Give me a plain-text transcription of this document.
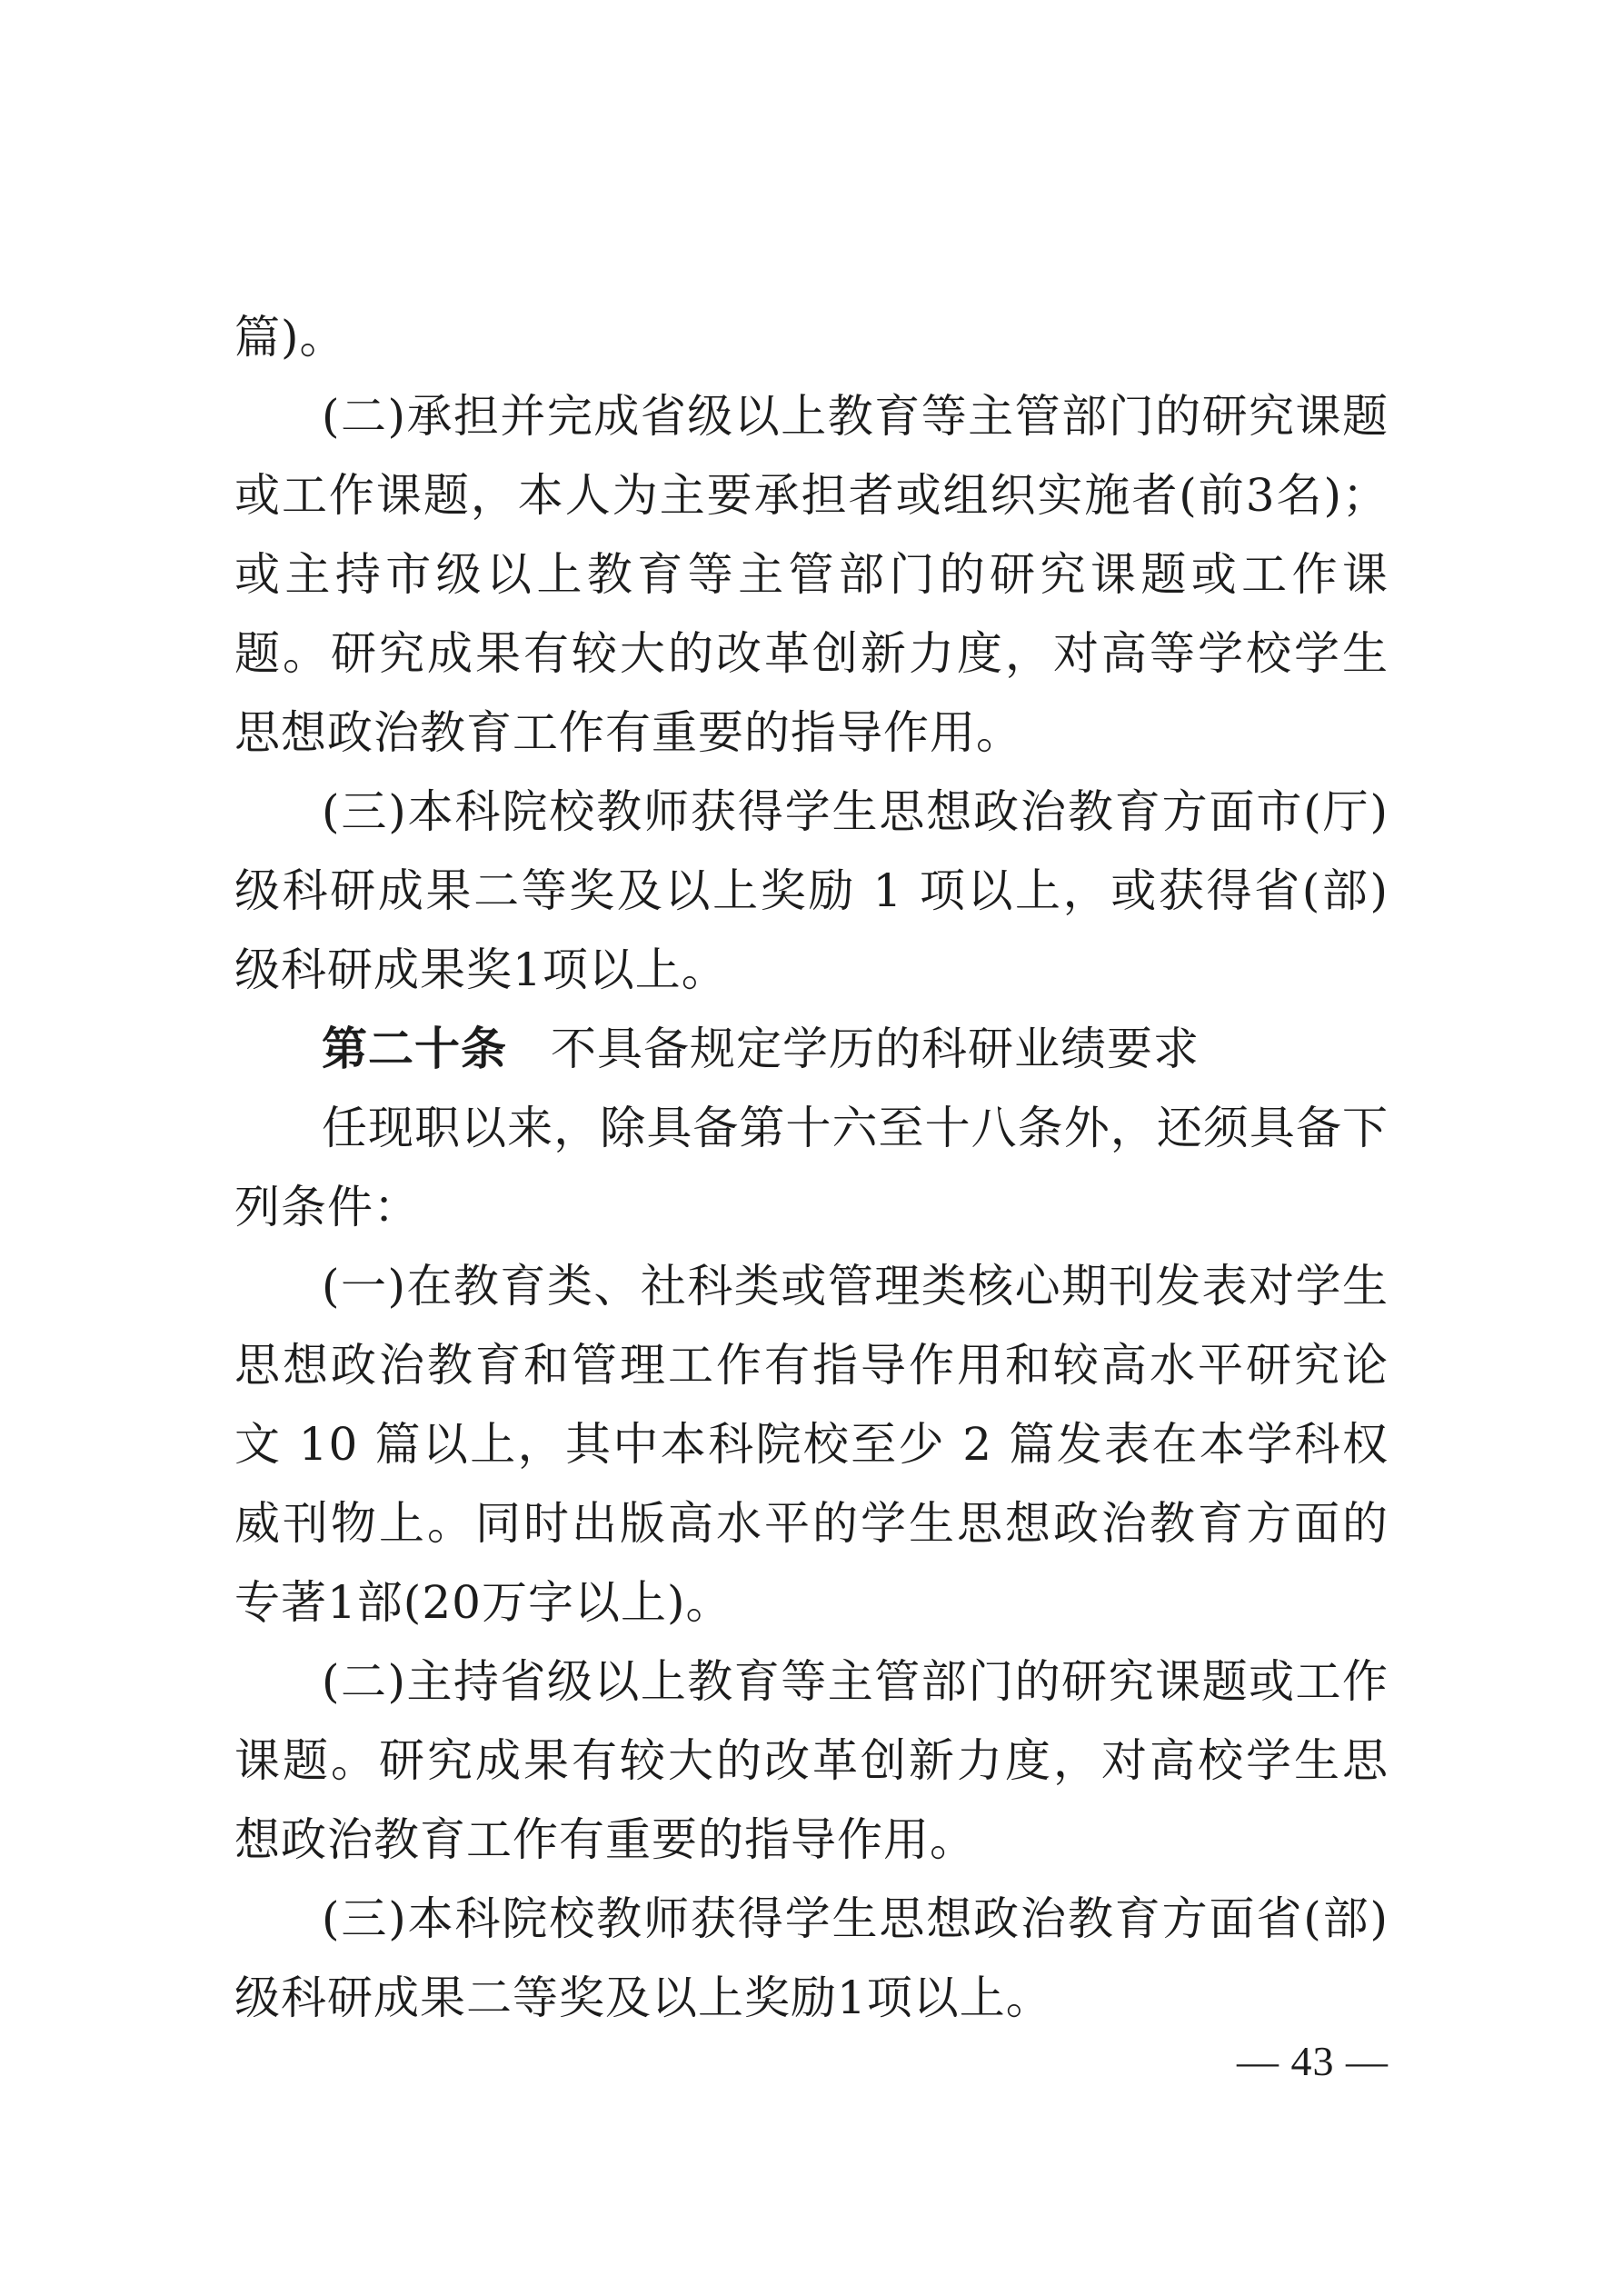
篇)。

(二)承担并完成省级以上教育等主管部门的研究课题或工作课题，本人为主要承担者或组织实施者(前3名)；或主持市级以上教育等主管部门的研究课题或工作课题。研究成果有较大的改革创新力度，对高等学校学生思想政治教育工作有重要的指导作用。

(三)本科院校教师获得学生思想政治教育方面市(厅)级科研成果二等奖及以上奖励 1 项以上，或获得省(部)级科研成果奖1项以上。

第二十条 不具备规定学历的科研业绩要求

任现职以来，除具备第十六至十八条外，还须具备下列条件：

(一)在教育类、社科类或管理类核心期刊发表对学生思想政治教育和管理工作有指导作用和较高水平研究论文 10 篇以上，其中本科院校至少 2 篇发表在本学科权威刊物上。同时出版高水平的学生思想政治教育方面的专著1部(20万字以上)。

(二)主持省级以上教育等主管部门的研究课题或工作课题。研究成果有较大的改革创新力度，对高校学生思想政治教育工作有重要的指导作用。

(三)本科院校教师获得学生思想政治教育方面省(部)级科研成果二等奖及以上奖励1项以上。

— 43 —
